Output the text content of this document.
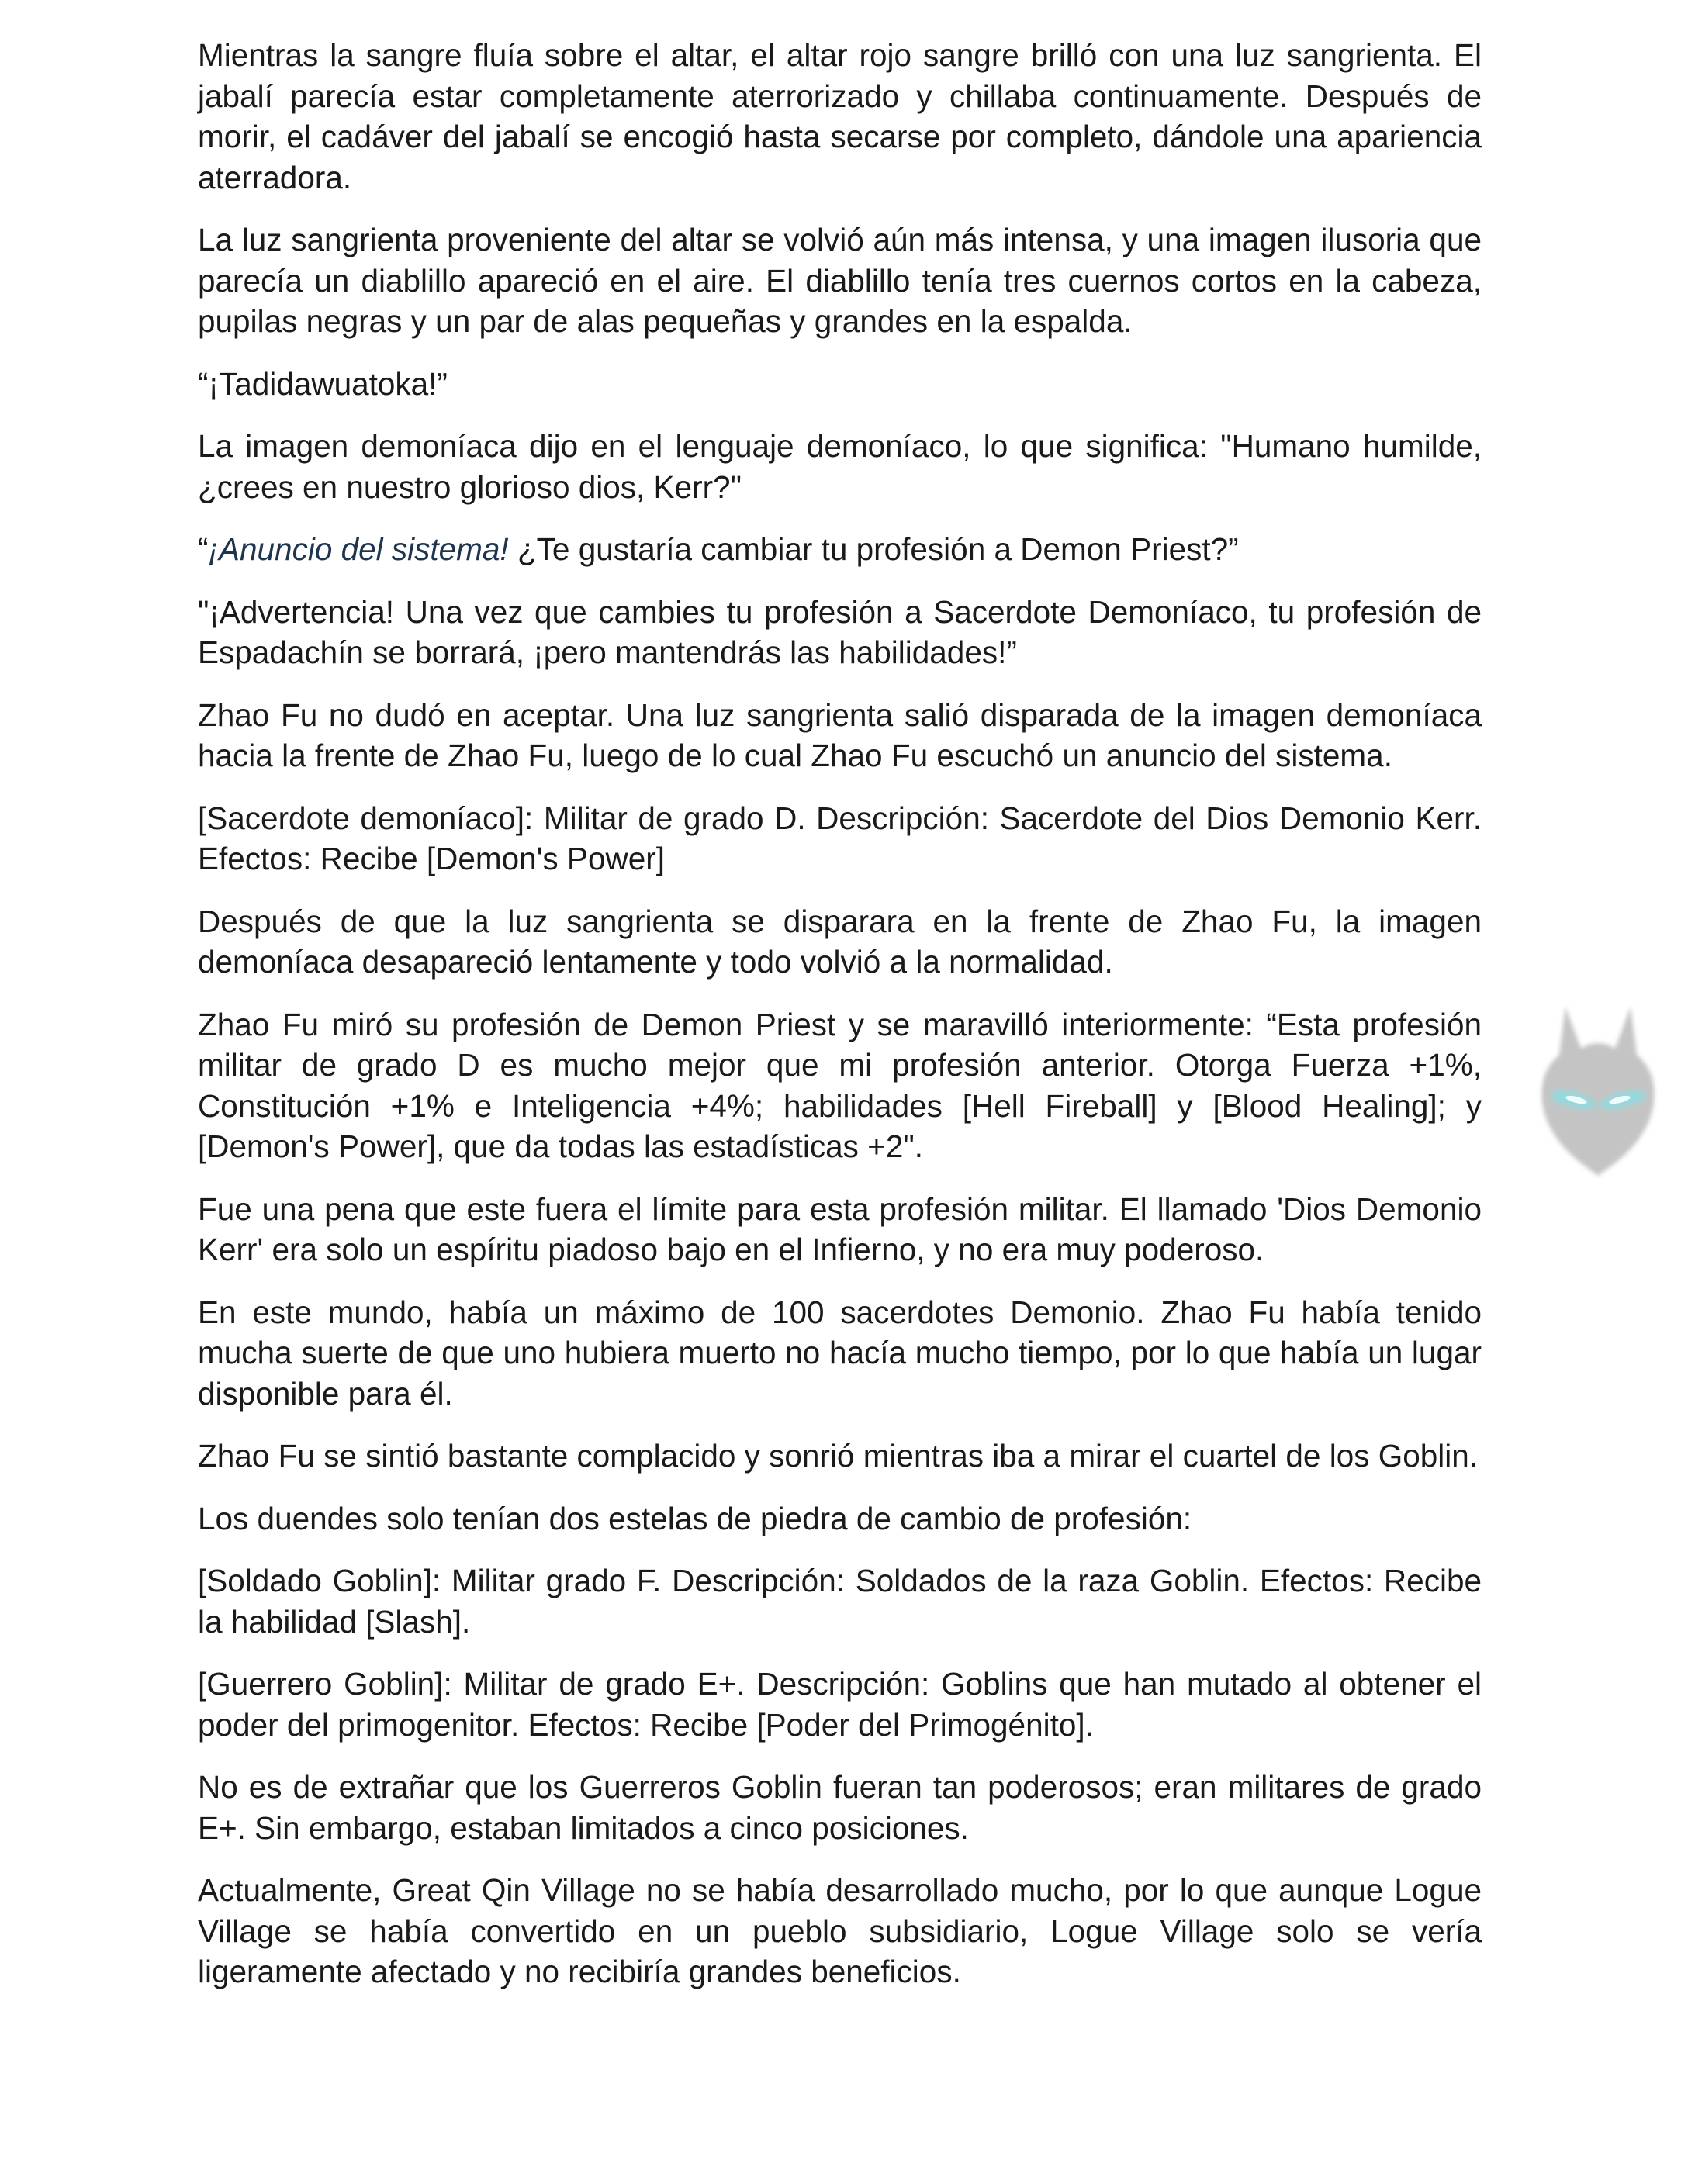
Mientras la sangre fluía sobre el altar, el altar rojo sangre brilló con una luz sangrienta. El jabalí parecía estar completamente aterrorizado y chillaba continuamente. Después de morir, el cadáver del jabalí se encogió hasta secarse por completo, dándole una apariencia aterradora.

La luz sangrienta proveniente del altar se volvió aún más intensa, y una imagen ilusoria que parecía un diablillo apareció en el aire. El diablillo tenía tres cuernos cortos en la cabeza, pupilas negras y un par de alas pequeñas y grandes en la espalda.

“¡Tadidawuatoka!”

La imagen demoníaca dijo en el lenguaje demoníaco, lo que significa: "Humano humilde, ¿crees en nuestro glorioso dios, Kerr?"

“¡Anuncio del sistema! ¿Te gustaría cambiar tu profesión a Demon Priest?”

"¡Advertencia! Una vez que cambies tu profesión a Sacerdote Demoníaco, tu profesión de Espadachín se borrará, ¡pero mantendrás las habilidades!”

Zhao Fu no dudó en aceptar. Una luz sangrienta salió disparada de la imagen demoníaca hacia la frente de Zhao Fu, luego de lo cual Zhao Fu escuchó un anuncio del sistema.

[Sacerdote demoníaco]: Militar de grado D. Descripción: Sacerdote del Dios Demonio Kerr. Efectos: Recibe [Demon's Power]

Después de que la luz sangrienta se disparara en la frente de Zhao Fu, la imagen demoníaca desapareció lentamente y todo volvió a la normalidad.

Zhao Fu miró su profesión de Demon Priest y se maravilló interiormente: “Esta profesión militar de grado D es mucho mejor que mi profesión anterior. Otorga Fuerza +1%, Constitución +1% e Inteligencia +4%; habilidades [Hell Fireball] y [Blood Healing]; y [Demon's Power], que da todas las estadísticas +2".

Fue una pena que este fuera el límite para esta profesión militar. El llamado 'Dios Demonio Kerr' era solo un espíritu piadoso bajo en el Infierno, y no era muy poderoso.

En este mundo, había un máximo de 100 sacerdotes Demonio. Zhao Fu había tenido mucha suerte de que uno hubiera muerto no hacía mucho tiempo, por lo que había un lugar disponible para él.

Zhao Fu se sintió bastante complacido y sonrió mientras iba a mirar el cuartel de los Goblin.

Los duendes solo tenían dos estelas de piedra de cambio de profesión:

[Soldado Goblin]: Militar grado F. Descripción: Soldados de la raza Goblin. Efectos: Recibe la habilidad [Slash].

[Guerrero Goblin]: Militar de grado E+. Descripción: Goblins que han mutado al obtener el poder del primogenitor. Efectos: Recibe [Poder del Primogénito].

No es de extrañar que los Guerreros Goblin fueran tan poderosos; eran militares de grado E+. Sin embargo, estaban limitados a cinco posiciones.

Actualmente, Great Qin Village no se había desarrollado mucho, por lo que aunque Logue Village se había convertido en un pueblo subsidiario, Logue Village solo se vería ligeramente afectado y no recibiría grandes beneficios.
